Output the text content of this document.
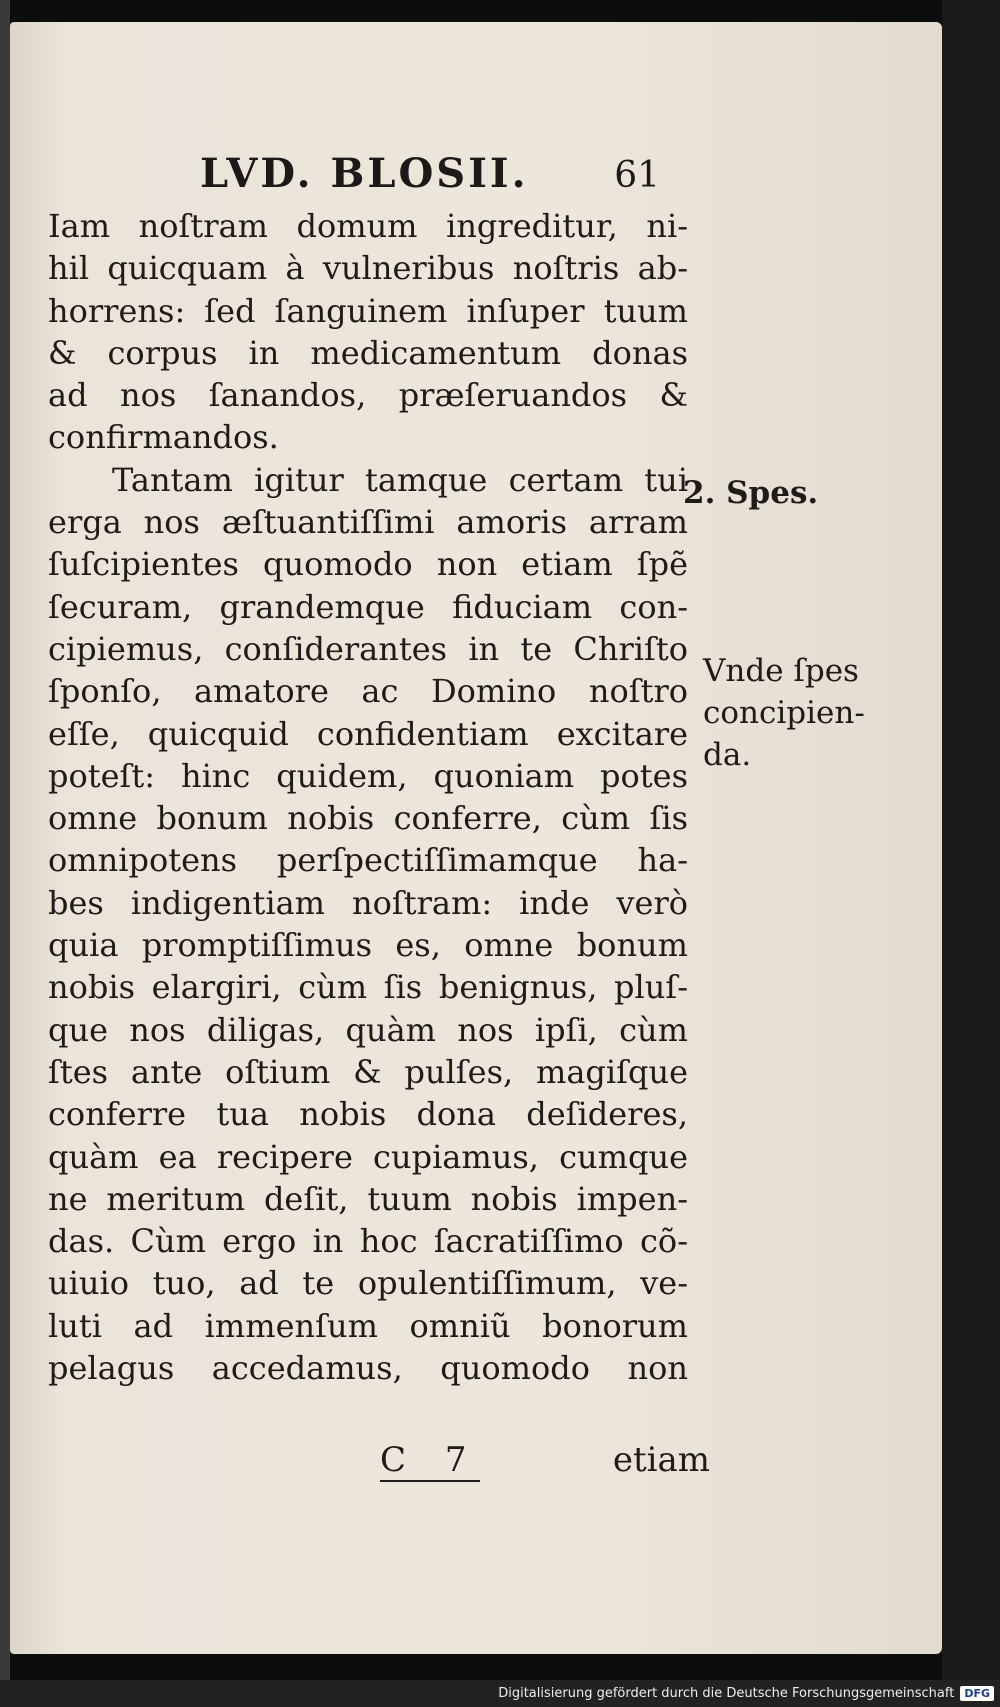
LVD. BLOSII. 61
Iam noſtram domum ingreditur, ni-
hil quicquam à vulneribus noſtris ab-
horrens: ſed ſanguinem inſuper tuum
& corpus in medicamentum donas
ad nos ſanandos, præſeruandos &
confirmandos.
Tantam igitur tamque certam tui
erga nos æſtuantiſſimi amoris arram
ſuſcipientes quomodo non etiam ſpẽ
ſecuram, grandemque fiduciam con-
cipiemus, conſiderantes in te Chriſto
ſponſo, amatore ac Domino noſtro
eſſe, quicquid confidentiam excitare
poteſt: hinc quidem, quoniam potes
omne bonum nobis conferre, cùm ſis
omnipotens perſpectiſſimamque ha-
bes indigentiam noſtram: inde verò
quia promptiſſimus es, omne bonum
nobis elargiri, cùm ſis benignus, pluſ-
que nos diligas, quàm nos ipſi, cùm
ſtes ante oſtium & pulſes, magiſque
conferre tua nobis dona deſideres,
quàm ea recipere cupiamus, cumque
ne meritum deſit, tuum nobis impen-
das. Cùm ergo in hoc ſacratiſſimo cõ-
uiuio tuo, ad te opulentiſſimum, ve-
luti ad immenſum omniũ bonorum
pelagus accedamus, quomodo non
2. Spes.
Vnde ſpes
concipien-
da.
C 7	etiam
Digitalisierung gefördert durch die Deutsche Forschungsgemeinschaft DFG
